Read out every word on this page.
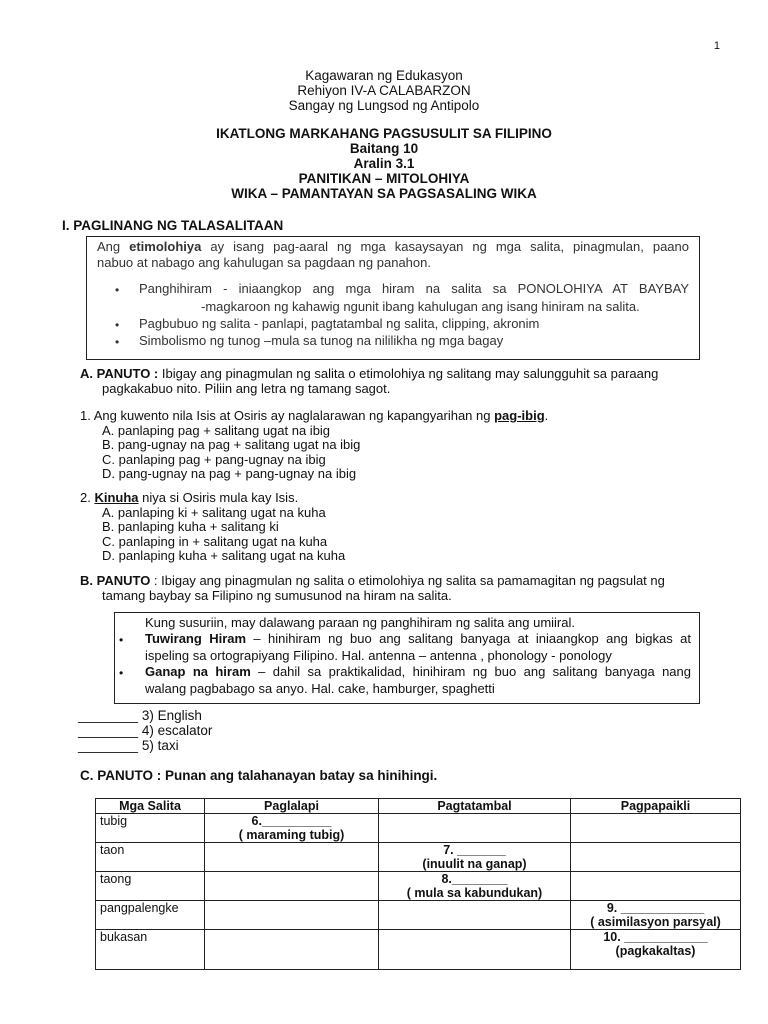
1
Kagawaran ng Edukasyon
Rehiyon IV-A CALABARZON
Sangay ng Lungsod ng Antipolo
IKATLONG MARKAHANG PAGSUSULIT SA FILIPINO
Baitang 10
Aralin 3.1
PANITIKAN – MITOLOHIYA
WIKA – PAMANTAYAN SA PAGSASALING WIKA
I. PAGLINANG NG TALASALITAAN
Ang etimolohiya ay isang pag-aaral ng mga kasaysayan ng mga salita, pinagmulan, paano
nabuo at nabago ang kahulugan sa pagdaan ng panahon.
• Panghihiram - iniaangkop ang mga hiram na salita sa PONOLOHIYA AT BAYBAY
-magkaroon ng kahawig ngunit ibang kahulugan ang isang hiniram na salita.
• Pagbubuo ng salita - panlapi, pagtatambal ng salita, clipping, akronim
• Simbolismo ng tunog –mula sa tunog na nililikha ng mga bagay
A. PANUTO : Ibigay ang pinagmulan ng salita o etimolohiya ng salitang may salungguhit sa paraang
pagkakabuo nito. Piliin ang letra ng tamang sagot.
1. Ang kuwento nila Isis at Osiris ay naglalarawan ng kapangyarihan ng pag-ibig.
A. panlaping pag + salitang ugat na ibig
B. pang-ugnay na pag + salitang ugat na ibig
C. panlaping pag + pang-ugnay na ibig
D. pang-ugnay na pag + pang-ugnay na ibig
2. Kinuha niya si Osiris mula kay Isis.
A. panlaping ki + salitang ugat na kuha
B. panlaping kuha + salitang ki
C. panlaping in + salitang ugat na kuha
D. panlaping kuha + salitang ugat na kuha
B. PANUTO : Ibigay ang pinagmulan ng salita o etimolohiya ng salita sa pamamagitan ng pagsulat ng
tamang baybay sa Filipino ng sumusunod na hiram na salita.
Kung susuriin, may dalawang paraan ng panghihiram ng salita ang umiiral.
• Tuwirang Hiram – hinihiram ng buo ang salitang banyaga at iniaangkop ang bigkas at
ispeling sa ortograpiyang Filipino. Hal. antenna – antenna , phonology - ponology
• Ganap na hiram – dahil sa praktikalidad, hinihiram ng buo ang salitang banyaga nang
walang pagbabago sa anyo. Hal. cake, hamburger, spaghetti
________ 3) English
________ 4) escalator
________ 5) taxi
C. PANUTO : Punan ang talahanayan batay sa hinihingi.
Mga Salita	Paglalapi	Pagtatambal	Pagpapaikli
tubig	6.__________
( maraming tubig)		

taon		7. _______
(inuulit na ganap)	

taong		8.________
( mula sa kabundukan)	

pangpalengke			9. ____________
( asimilasyon parsyal)

bukasan			10. ____________
(pagkakaltas)
